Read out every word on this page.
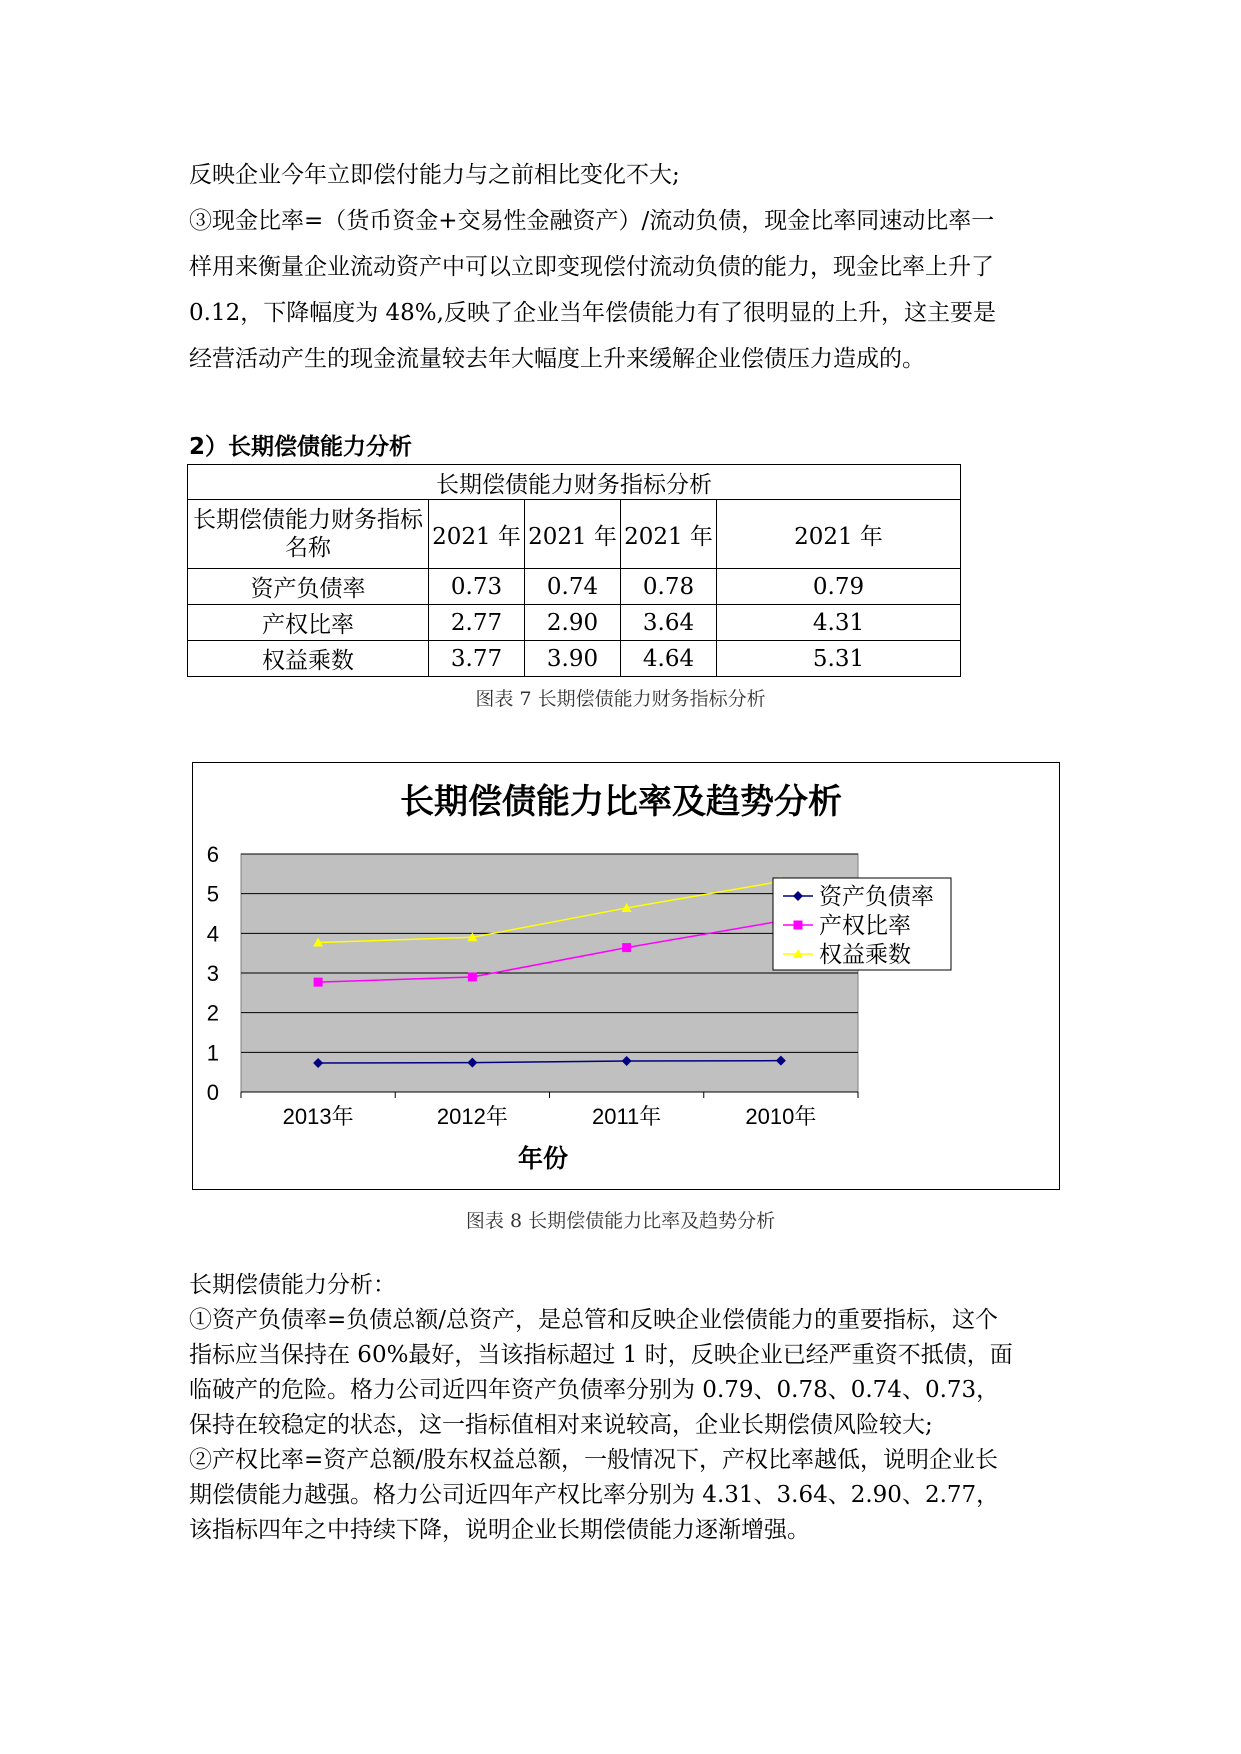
反映企业今年立即偿付能力与之前相比变化不大;

③现金比率=（货币资金+交易性金融资产）/流动负债，现金比率同速动比率一

样用来衡量企业流动资产中可以立即变现偿付流动负债的能力，现金比率上升了

0.12，下降幅度为 48%,反映了企业当年偿债能力有了很明显的上升，这主要是

经营活动产生的现金流量较去年大幅度上升来缓解企业偿债压力造成的。

2）长期偿债能力分析
长期偿债能力财务指标分析				
长期偿债能力财务指标名称	2021 年	2021 年	2021 年	2021 年
资产负债率	0.73	0.74	0.78	0.79
产权比率	2.77	2.90	3.64	4.31
权益乘数	3.77	3.90	4.64	5.31
图表 7 长期偿债能力财务指标分析
长期偿债能力比率及趋势分析
年份
0
1
2
3
4
5
6
2013年	2012年	2011年	2010年
资产负债率
产权比率
权益乘数
图表 8 长期偿债能力比率及趋势分析

长期偿债能力分析：

①资产负债率=负债总额/总资产，是总管和反映企业偿债能力的重要指标，这个

指标应当保持在 60%最好，当该指标超过 1 时，反映企业已经严重资不抵债，面

临破产的危险。格力公司近四年资产负债率分别为 0.79、0.78、0.74、0.73，

保持在较稳定的状态，这一指标值相对来说较高，企业长期偿债风险较大;

②产权比率=资产总额/股东权益总额，一般情况下，产权比率越低，说明企业长

期偿债能力越强。格力公司近四年产权比率分别为 4.31、3.64、2.90、2.77，

该指标四年之中持续下降，说明企业长期偿债能力逐渐增强。
